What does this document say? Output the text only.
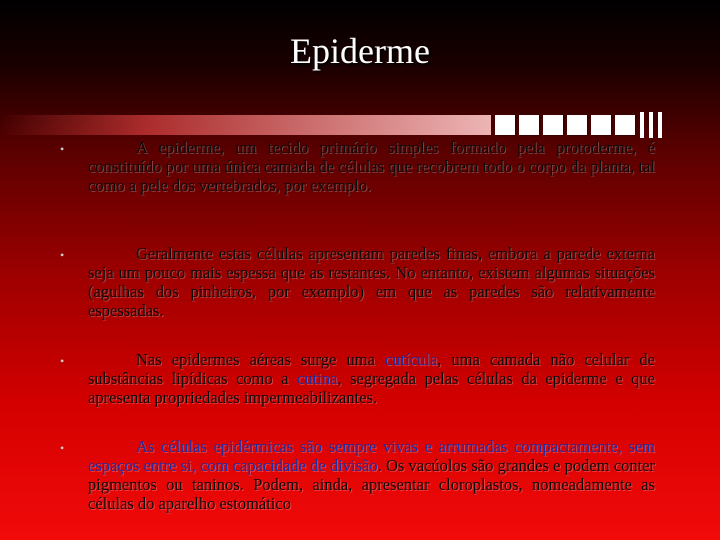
Epiderme
•	A epiderme, um tecido primário simples formado pela protoderme, é constituído por uma única camada de células que recobrem todo o corpo da planta, tal como a pele dos vertebrados, por exemplo.
•	Geralmente estas células apresentam paredes finas, embora a parede externa seja um pouco mais espessa que as restantes. No entanto, existem algumas situações (agulhas dos pinheiros, por exemplo) em que as paredes são relativamente espessadas.
•	Nas epidermes aéreas surge uma cutícula, uma camada não celular de substâncias lipídicas como a cutina, segregada pelas células da epiderme e que apresenta propriedades impermeabilizantes.
•	As células epidérmicas são sempre vivas e arrumadas compactamente, sem espaços entre si, com capacidade de divisão. Os vacúolos são grandes e podem conter pigmentos ou taninos. Podem, ainda, apresentar cloroplastos, nomeadamente as células do aparelho estomático
